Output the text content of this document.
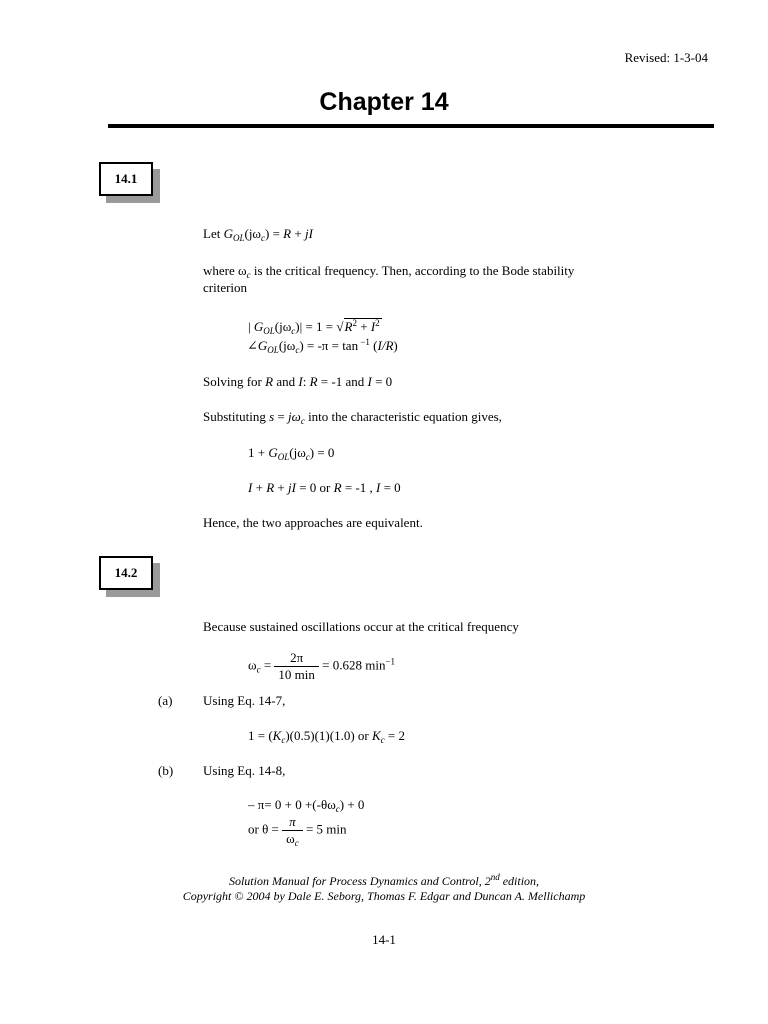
Revised: 1-3-04
Chapter 14
14.1
Let $G_{OL}(j\omega_c) = R$ + jI
where $\omega_c$ is the critical frequency. Then, according to the Bode stability
criterion
| $G_{OL}(j\omega_c)| = 1 = √R^2 + I^2$
$\angle G_{OL}(j\omega_c) = -\pi = \tan ^{-1}$ (I/R)
Solving for R and I: R = -1 and I = 0
Substituting $s = j\omega_c$ into the characteristic equation gives,
$1 + G_{OL}(j\omega_c) = 0$
I + R + jI = 0 or R = -1 , I = 0
Hence, the two approaches are equivalent.
14.2
Because sustained oscillations occur at the critical frequency
$\omega_c = \frac{2\pi}{10 \min} = 0.628$ $\min^{-1}$
(a) Using Eq. 14-7,
$1 = (K_c)(0.5)(1)(1.0)$ or $K_c = 2$
(b) Using Eq. 14-8,
– $\pi= 0 + 0 +(-\theta\omega_c) + 0$
or $\theta = \frac{\pi}{\omega_c} = 5$ min
Solution Manual for Process Dynamics and Control, 2nd edition,
Copyright © 2004 by Dale E. Seborg, Thomas F. Edgar and Duncan A. Mellichamp
14-1
